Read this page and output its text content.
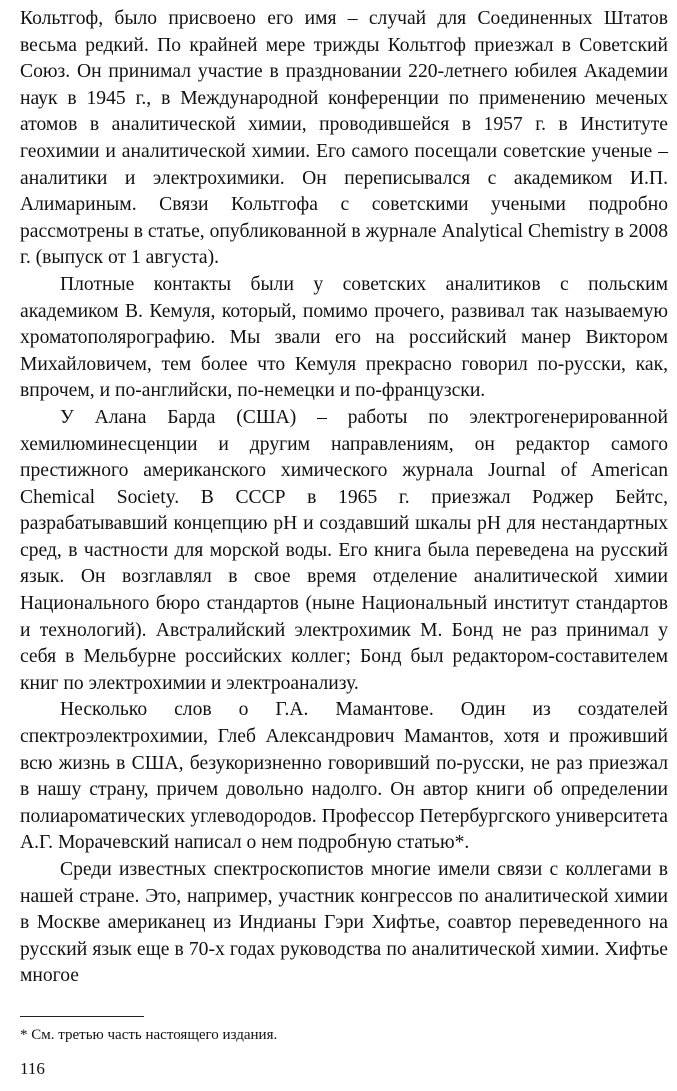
Кольтгоф, было присвоено его имя – случай для Соединенных Штатов весьма редкий. По крайней мере трижды Кольтгоф приезжал в Советский Союз. Он принимал участие в праздновании 220-летнего юбилея Академии наук в 1945 г., в Международной конференции по применению меченых атомов в аналитической химии, проводившейся в 1957 г. в Институте геохимии и аналитической химии. Его самого посещали советские ученые – аналитики и электрохимики. Он переписывался с академиком И.П. Алимариным. Связи Кольтгофа с советскими учеными подробно рассмотрены в статье, опубликованной в журнале Analytical Chemistry в 2008 г. (выпуск от 1 августа).

Плотные контакты были у советских аналитиков с польским академиком В. Кемуля, который, помимо прочего, развивал так называемую хроматополярографию. Мы звали его на российский манер Виктором Михайловичем, тем более что Кемуля прекрасно говорил по-русски, как, впрочем, и по-английски, по-немецки и по-французски.

У Алана Барда (США) – работы по электрогенерированной хемилюминесценции и другим направлениям, он редактор самого престижного американского химического журнала Journal of American Chemical Society. В СССР в 1965 г. приезжал Роджер Бейтс, разрабатывавший концепцию pH и создавший шкалы pH для нестандартных сред, в частности для морской воды. Его книга была переведена на русский язык. Он возглавлял в свое время отделение аналитической химии Национального бюро стандартов (ныне Национальный институт стандартов и технологий). Австралийский электрохимик М. Бонд не раз принимал у себя в Мельбурне российских коллег; Бонд был редактором-составителем книг по электрохимии и электроанализу.

Несколько слов о Г.А. Мамантове. Один из создателей спектроэлектрохимии, Глеб Александрович Мамантов, хотя и проживший всю жизнь в США, безукоризненно говоривший по-русски, не раз приезжал в нашу страну, причем довольно надолго. Он автор книги об определении полиароматических углеводородов. Профессор Петербургского университета А.Г. Морачевский написал о нем подробную статью*.

Среди известных спектроскопистов многие имели связи с коллегами в нашей стране. Это, например, участник конгрессов по аналитической химии в Москве американец из Индианы Гэри Хифтье, соавтор переведенного на русский язык еще в 70-х годах руководства по аналитической химии. Хифтье многое

* См. третью часть настоящего издания.

116
